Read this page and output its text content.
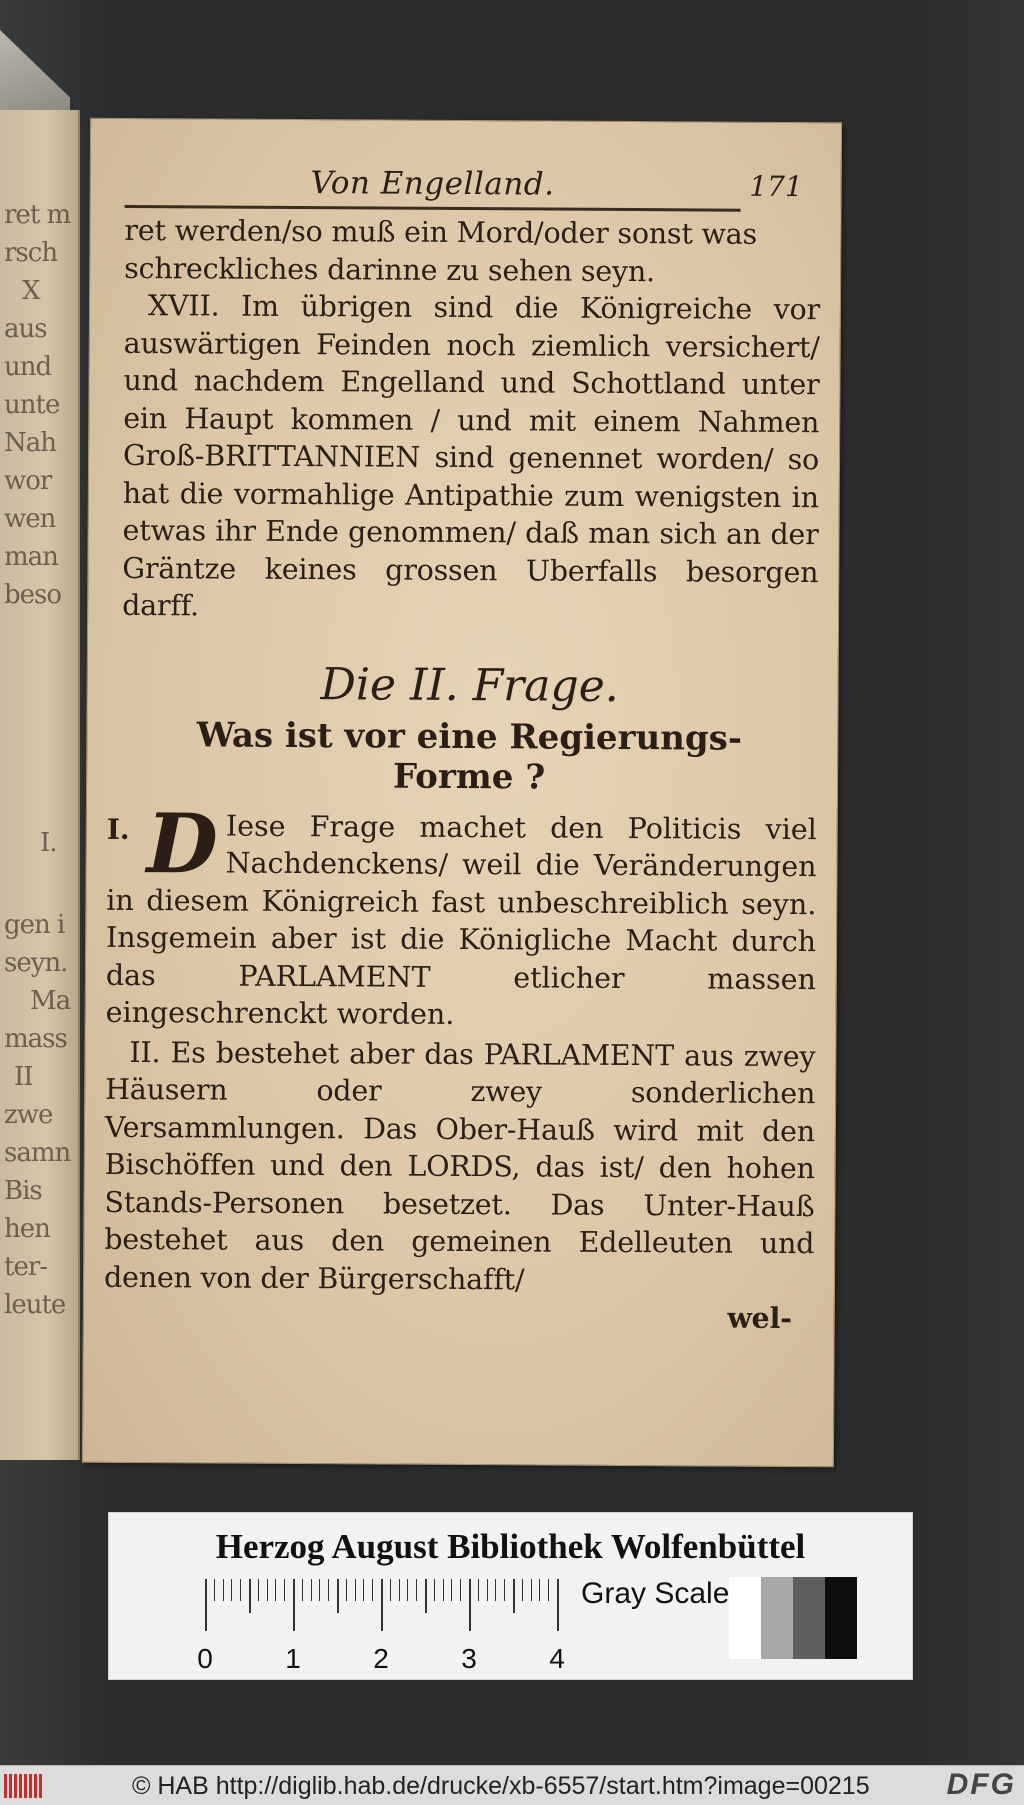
ret m
rsch
X
aus
und
unte
Nah
wor
wen
man
beso
I.
gen i
seyn.
Ma
mass
II
zwe
samn
Bis
hen
ter-
leute
Von Engelland.	171

ret werden/so muß ein Mord/oder sonst was

schreckliches darinne zu sehen seyn.

XVII. Im übrigen sind die Königreiche vor auswärtigen Feinden noch ziemlich versichert/ und nachdem Engelland und Schottland unter ein Haupt kommen / und mit einem Nahmen Groß-BRITTANNIEN sind genennet worden/ so hat die vormahlige Antipathie zum wenigsten in etwas ihr Ende genommen/ daß man sich an der Gräntze keines grossen Uberfalls besorgen darff.

Die II. Frage.
Was ist vor eine Regierungs-Forme ?
D
I.	Iese Frage machet den Politicis viel Nachdenckens/ weil die Veränderungen in diesem Königreich fast unbeschreiblich seyn. Insgemein aber ist die Königliche Macht durch das PARLAMENT etlicher massen eingeschrenckt worden.

II. Es bestehet aber das PARLAMENT aus zwey Häusern oder zwey sonderlichen Versammlungen. Das Ober-Hauß wird mit den Bischöffen und den LORDS, das ist/ den hohen Stands-Personen besetzet. Das Unter-Hauß bestehet aus den gemeinen Edelleuten und denen von der Bürgerschafft/

wel-

Herzog August Bibliothek Wolfenbüttel
0	1	2	3	4
Gray Scale
© HAB http://diglib.hab.de/drucke/xb-6557/start.htm?image=00215	DFG
